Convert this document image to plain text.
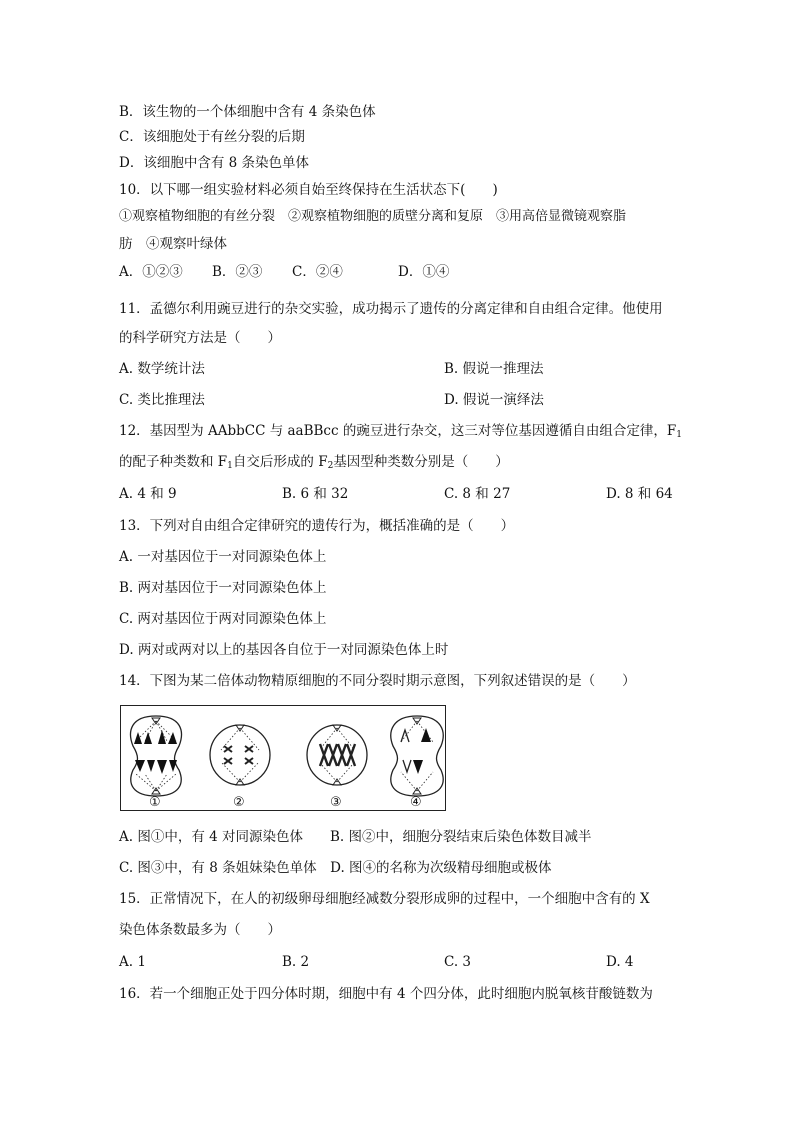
B．该生物的一个体细胞中含有 4 条染色体
C．该细胞处于有丝分裂的后期
D．该细胞中含有 8 条染色单体
10．以下哪一组实验材料必须自始至终保持在生活状态下(　　)
①观察植物细胞的有丝分裂　②观察植物细胞的质壁分离和复原　③用高倍显微镜观察脂
肪　④观察叶绿体
A．①②③ B．②③ C．②④	D．①④
11．孟德尔利用豌豆进行的杂交实验，成功揭示了遗传的分离定律和自由组合定律。他使用
的科学研究方法是（　　）
A. 数学统计法	B. 假说一推理法
C. 类比推理法	D. 假说一演绎法
12．基因型为 AAbbCC 与 aaBBcc 的豌豆进行杂交，这三对等位基因遵循自由组合定律，$F_1$
的配子种类数和 $F_1$自交后形成的 $F_2$基因型种类数分别是（　　）
A. 4 和 9	B. 6 和 32	C. 8 和 27	D. 8 和 64
13．下列对自由组合定律研究的遗传行为，概括准确的是（　　）
A. 一对基因位于一对同源染色体上
B. 两对基因位于一对同源染色体上
C. 两对基因位于两对同源染色体上
D. 两对或两对以上的基因各自位于一对同源染色体上时
14．下图为某二倍体动物精原细胞的不同分裂时期示意图，下列叙述错误的是（　　）
①	②	③	④
A. 图①中，有 4 对同源染色体　　 B. 图②中，细胞分裂结束后染色体数目减半
C. 图③中，有 8 条姐妹染色单体　 D. 图④的名称为次级精母细胞或极体
15．正常情况下，在人的初级卵母细胞经减数分裂形成卵的过程中，一个细胞中含有的 X
染色体条数最多为（　　）
A. 1	B. 2	C. 3	D. 4
16．若一个细胞正处于四分体时期，细胞中有 4 个四分体，此时细胞内脱氧核苷酸链数为
